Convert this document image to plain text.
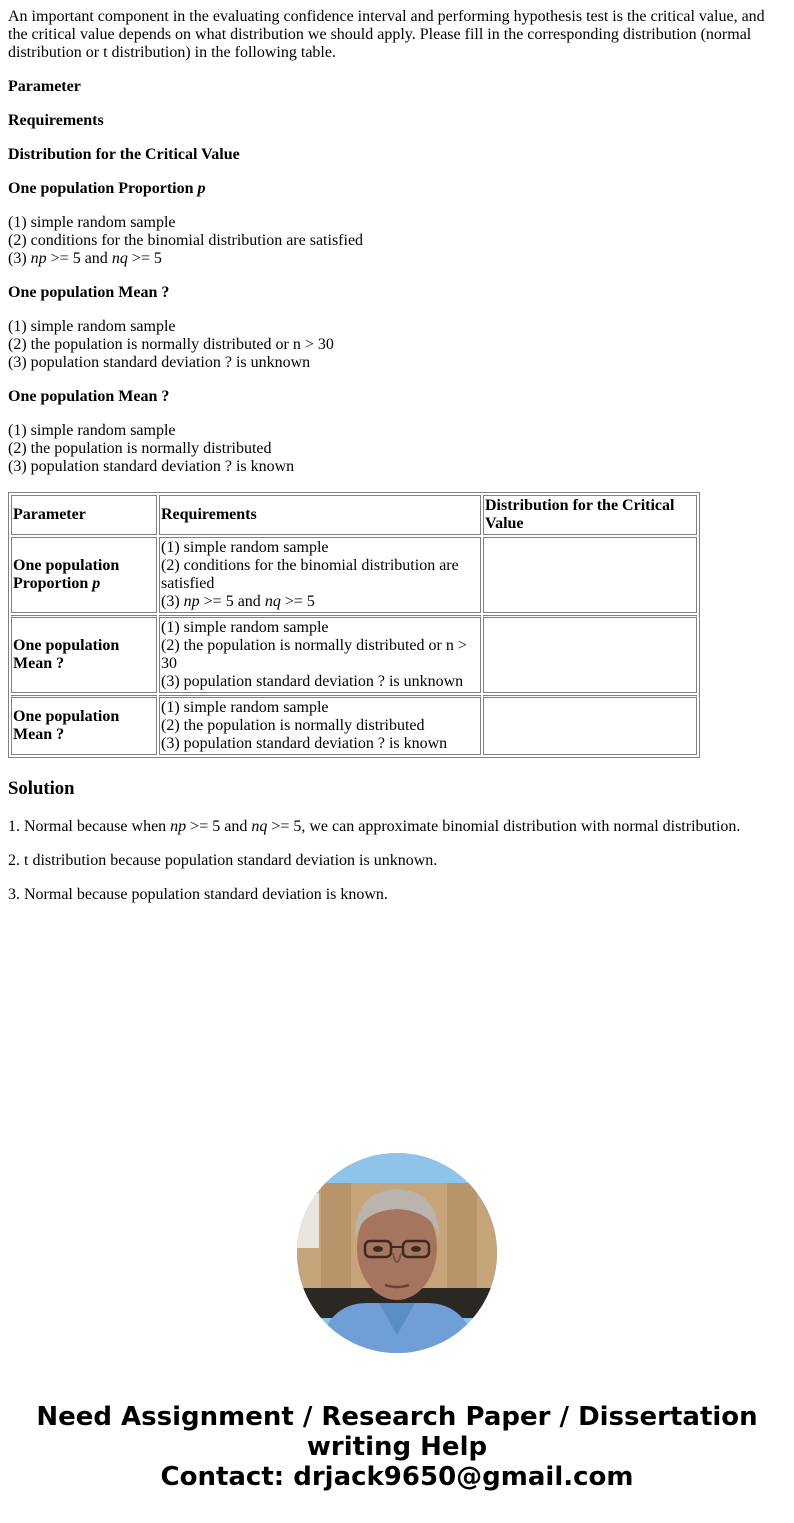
An important component in the evaluating confidence interval and performing hypothesis test is the critical value, and the critical value depends on what distribution we should apply. Please fill in the corresponding distribution (normal distribution or t distribution) in the following table.

Parameter

Requirements

Distribution for the Critical Value

One population Proportion p

(1) simple random sample
(2) conditions for the binomial distribution are satisfied
(3) np >= 5 and nq >= 5

One population Mean ?

(1) simple random sample
(2) the population is normally distributed or n > 30
(3) population standard deviation ? is unknown

One population Mean ?

(1) simple random sample
(2) the population is normally distributed
(3) population standard deviation ? is known
Parameter	Requirements	Distribution for the Critical Value
One population Proportion p	(1) simple random sample
(2) conditions for the binomial distribution are satisfied
(3) np >= 5 and nq >= 5	

One population Mean ?	(1) simple random sample
(2) the population is normally distributed or n > 30
(3) population standard deviation ? is unknown	

One population Mean ?	(1) simple random sample
(2) the population is normally distributed
(3) population standard deviation ? is known	

Solution

1. Normal because when np >= 5 and nq >= 5, we can approximate binomial distribution with normal distribution.

2. t distribution because population standard deviation is unknown.

3. Normal because population standard deviation is known.

Need Assignment / Research Paper / Dissertation
writing Help
Contact: drjack9650@gmail.com
